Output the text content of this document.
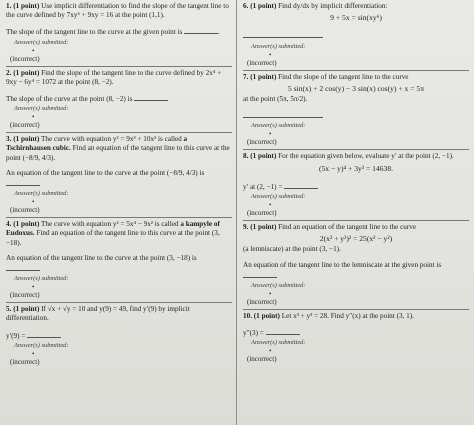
1. (1 point) Use implicit differentiation to find the slope of the tangent line to the curve defined by 7xy⁶ + 9xy = 16 at the point (1,1).
The slope of the tangent line to the curve at the given point is	.
Answer(s) submitted:
•
(incorrect)
2. (1 point) Find the slope of the tangent line to the curve defined by 2x⁴ + 9xy − 6y⁴ = 1072 at the point (8, −2).
The slope of the curve at the point (8, −2) is
Answer(s) submitted:
•
(incorrect)
3. (1 point) The curve with equation y² = 9x³ + 10x² is called a Tschirnhausen cubic. Find an equation of the tangent line to this curve at the point (−8/9, 4/3).
An equation of the tangent line to the curve at the point (−8/9, 4/3) is
Answer(s) submitted:
•
(incorrect)
4. (1 point) The curve with equation y² = 5x⁴ − 9x² is called a kampyle of Eudoxus. Find an equation of the tangent line to this curve at the point (3, −18).
An equation of the tangent line to the curve at the point (3, −18) is
Answer(s) submitted:
•
(incorrect)
5. (1 point) If √x + √y = 10 and y(9) = 49, find y′(9) by implicit differentiation.
y′(9) =
Answer(s) submitted:
•
(incorrect)
6. (1 point) Find dy/dx by implicit differentiation:
9 + 5x = sin(xy⁶)
Answer(s) submitted:
•
(incorrect)
7. (1 point) Find the slope of the tangent line to the curve
5 sin(x) + 2 cos(y) − 3 sin(x) cos(y) + x = 5π
at the point (5π, 5π/2).
Answer(s) submitted:
•
(incorrect)
8. (1 point) For the equation given below, evaluate y′ at the point (2, −1).
(5x − y)⁴ + 3y³ = 14638.
y′ at (2, −1) =
Answer(s) submitted:
•
(incorrect)
9. (1 point) Find an equation of the tangent line to the curve
2(x² + y²)² = 25(x² − y²)
(a lemniscate) at the point (3, −1).
An equation of the tangent line to the lemniscate at the given point is
Answer(s) submitted:
•
(incorrect)
10. (1 point) Let x³ + y³ = 28. Find y″(x) at the point (3, 1).
y″(3) =
Answer(s) submitted:
•
(incorrect)
